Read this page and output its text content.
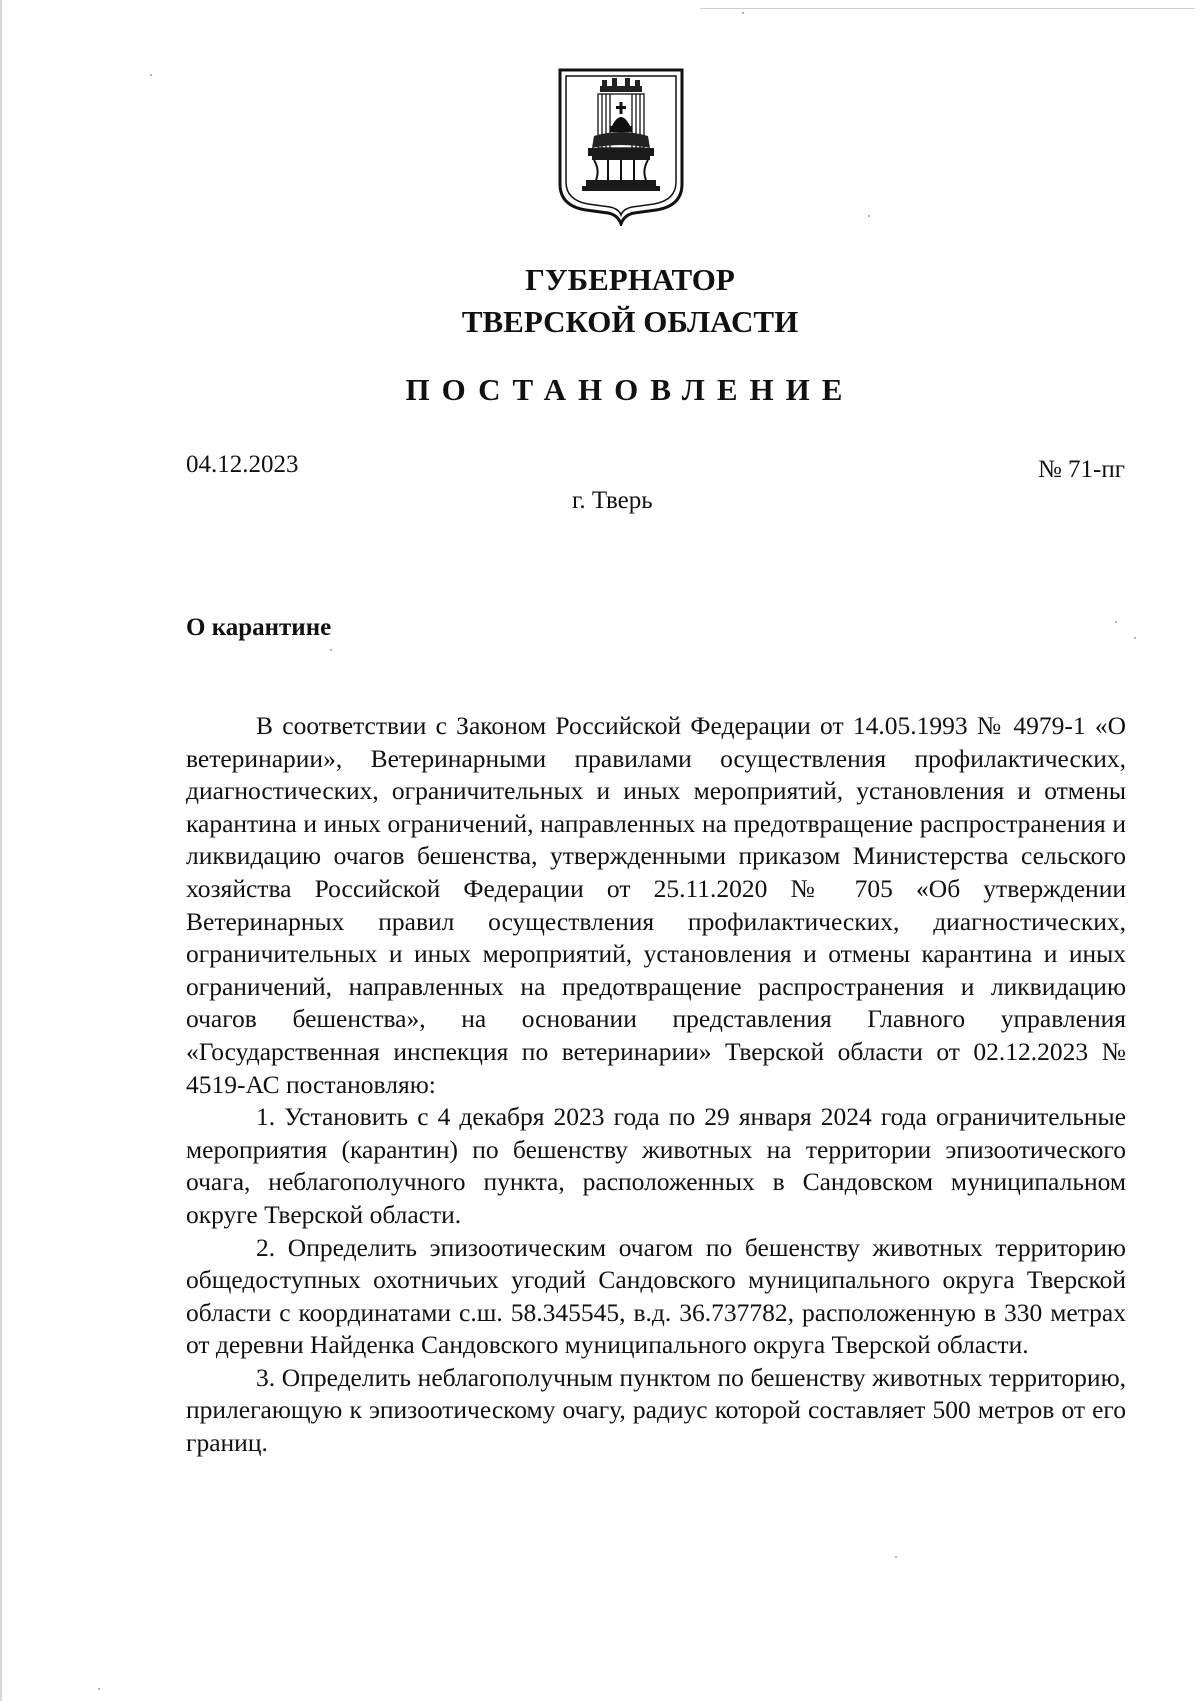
ГУБЕРНАТОР
ТВЕРСКОЙ ОБЛАСТИ
ПОСТАНОВЛЕНИЕ
04.12.2023	№ 71-пг
г. Тверь
О карантине

В соответствии с Законом Российской Федерации от 14.05.1993 № 4979-1 «О ветеринарии», Ветеринарными правилами осуществления профилактических, диагностических, ограничительных и иных мероприятий, установления и отмены карантина и иных ограничений, направленных на предотвращение распространения и ликвидацию очагов бешенства, утвержденными приказом Министерства сельского хозяйства Российской Федерации от 25.11.2020 № 705 «Об утверждении Ветеринарных правил осуществления профилактических, диагностических, ограничительных и иных мероприятий, установления и отмены карантина и иных ограничений, направленных на предотвращение распространения и ликвидацию очагов бешенства», на основании представления Главного управления «Государственная инспекция по ветеринарии» Тверской области от 02.12.2023 № 4519-АС постановляю:

1. Установить с 4 декабря 2023 года по 29 января 2024 года ограничительные мероприятия (карантин) по бешенству животных на территории эпизоотического очага, неблагополучного пункта, расположенных в Сандовском муниципальном округе Тверской области.

2. Определить эпизоотическим очагом по бешенству животных территорию общедоступных охотничьих угодий Сандовского муниципального округа Тверской области с координатами с.ш. 58.345545, в.д. 36.737782, расположенную в 330 метрах от деревни Найденка Сандовского муниципального округа Тверской области.

3. Определить неблагополучным пунктом по бешенству животных территорию, прилегающую к эпизоотическому очагу, радиус которой составляет 500 метров от его границ.
